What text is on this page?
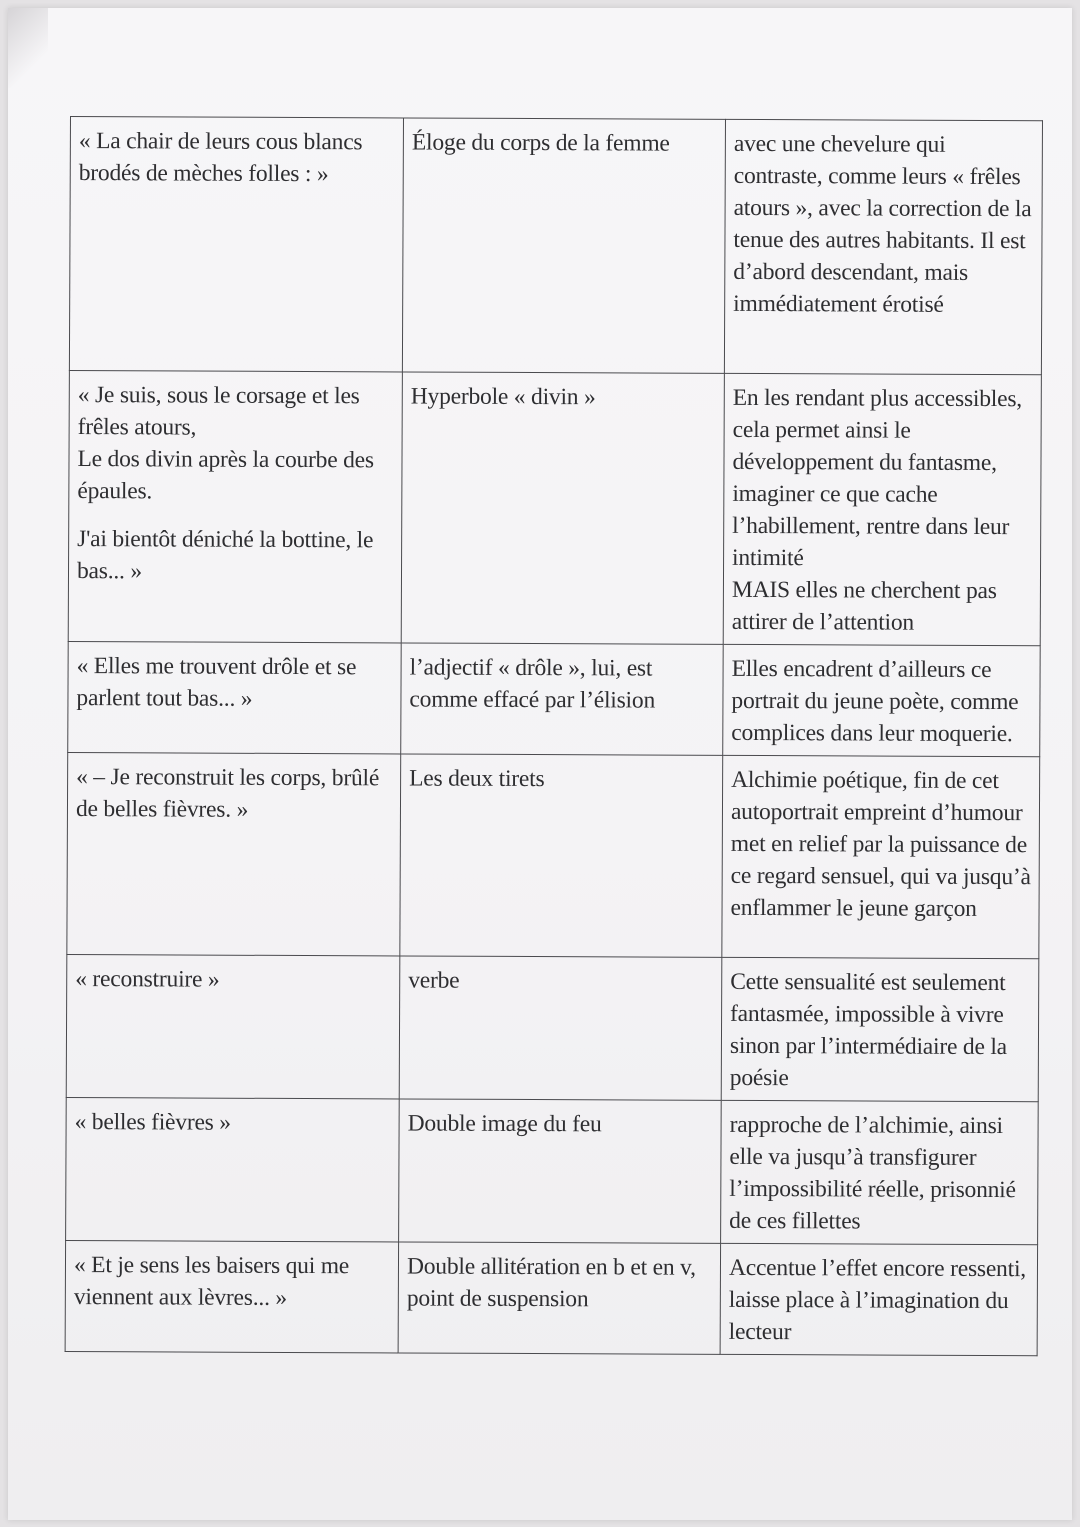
« La chair de leurs cous blancs brodés de mèches folles : »	Éloge du corps de la femme	avec une chevelure qui contraste, comme leurs « frêles atours », avec la correction de la tenue des autres habitants. Il est d’abord descendant, mais immédiatement érotisé
« Je suis, sous le corsage et les frêles atours,
Le dos divin après la courbe des épaules.
J'ai bientôt déniché la bottine, le bas... »	Hyperbole « divin »	En les rendant plus accessibles, cela permet ainsi le développement du fantasme, imaginer ce que cache l’habillement, rentre dans leur intimité
MAIS elles ne cherchent pas attirer de l’attention
« Elles me trouvent drôle et se parlent tout bas... »	l’adjectif « drôle », lui, est comme effacé par l’élision	Elles encadrent d’ailleurs ce portrait du jeune poète, comme complices dans leur moquerie.
« – Je reconstruit les corps, brûlé de belles fièvres. »	Les deux tirets	Alchimie poétique, fin de cet autoportrait empreint d’humour met en relief par la puissance de ce regard sensuel, qui va jusqu’à enflammer le jeune garçon
« reconstruire »	verbe	Cette sensualité est seulement fantasmée, impossible à vivre sinon par l’intermédiaire de la poésie
« belles fièvres »	Double image du feu	rapproche de l’alchimie, ainsi elle va jusqu’à transfigurer l’impossibilité réelle, prisonnié de ces fillettes
« Et je sens les baisers qui me viennent aux lèvres... »	Double allitération en b et en v, point de suspension	Accentue l’effet encore ressenti, laisse place à l’imagination du lecteur
